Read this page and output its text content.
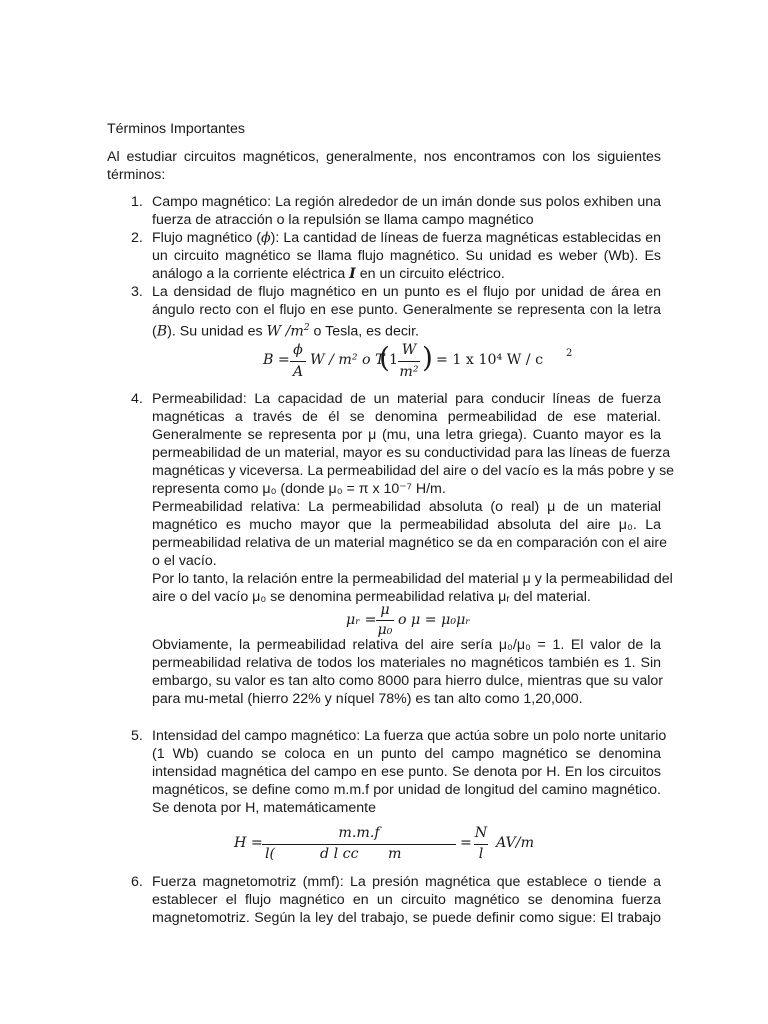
Términos Importantes
Al estudiar circuitos magnéticos, generalmente, nos encontramos con los siguientes
términos:
1. Campo magnético: La región alrededor de un imán donde sus polos exhiben una
fuerza de atracción o la repulsión se llama campo magnético
2. Flujo magnético (ϕ): La cantidad de líneas de fuerza magnéticas establecidas en
un circuito magnético se llama flujo magnético. Su unidad es weber (Wb). Es
análogo a la corriente eléctrica I en un circuito eléctrico.
3. La densidad de flujo magnético en un punto es el flujo por unidad de área en
ángulo recto con el flujo en ese punto. Generalmente se representa con la letra
(B). Su unidad es W $/m^2$ o Tesla, es decir.
B =
ϕ
A
W / m² o T
( 1
W
m² ) = 1 x 10⁴ W / c 2
4. Permeabilidad: La capacidad de un material para conducir líneas de fuerza
magnéticas a través de él se denomina permeabilidad de ese material.
Generalmente se representa por μ (mu, una letra griega). Cuanto mayor es la
permeabilidad de un material, mayor es su conductividad para las líneas de fuerza
magnéticas y viceversa. La permeabilidad del aire o del vacío es la más pobre y se
representa como μ₀ (donde μ₀ = π x 10⁻⁷ H/m.
Permeabilidad relativa: La permeabilidad absoluta (o real) μ de un material
magnético es mucho mayor que la permeabilidad absoluta del aire μ₀. La
permeabilidad relativa de un material magnético se da en comparación con el aire
o el vacío.
Por lo tanto, la relación entre la permeabilidad del material μ y la permeabilidad del
aire o del vacío μ₀ se denomina permeabilidad relativa μᵣ del material.
μᵣ =
μ
μ₀
o μ = μ₀μᵣ
Obviamente, la permeabilidad relativa del aire sería μ₀/μ₀ = 1. El valor de la
permeabilidad relativa de todos los materiales no magnéticos también es 1. Sin
embargo, su valor es tan alto como 8000 para hierro dulce, mientras que su valor
para mu-metal (hierro 22% y níquel 78%) es tan alto como 1,20,000.
5. Intensidad del campo magnético: La fuerza que actúa sobre un polo norte unitario
(1 Wb) cuando se coloca en un punto del campo magnético se denomina
intensidad magnética del campo en ese punto. Se denota por H. En los circuitos
magnéticos, se define como m.m.f por unidad de longitud del camino magnético.
Se denota por H, matemáticamente
H =
m.m.f
l(	d l cc m
=
N
l
AV/m
6. Fuerza magnetomotriz (mmf): La presión magnética que establece o tiende a
establecer el flujo magnético en un circuito magnético se denomina fuerza
magnetomotriz. Según la ley del trabajo, se puede definir como sigue: El trabajo
